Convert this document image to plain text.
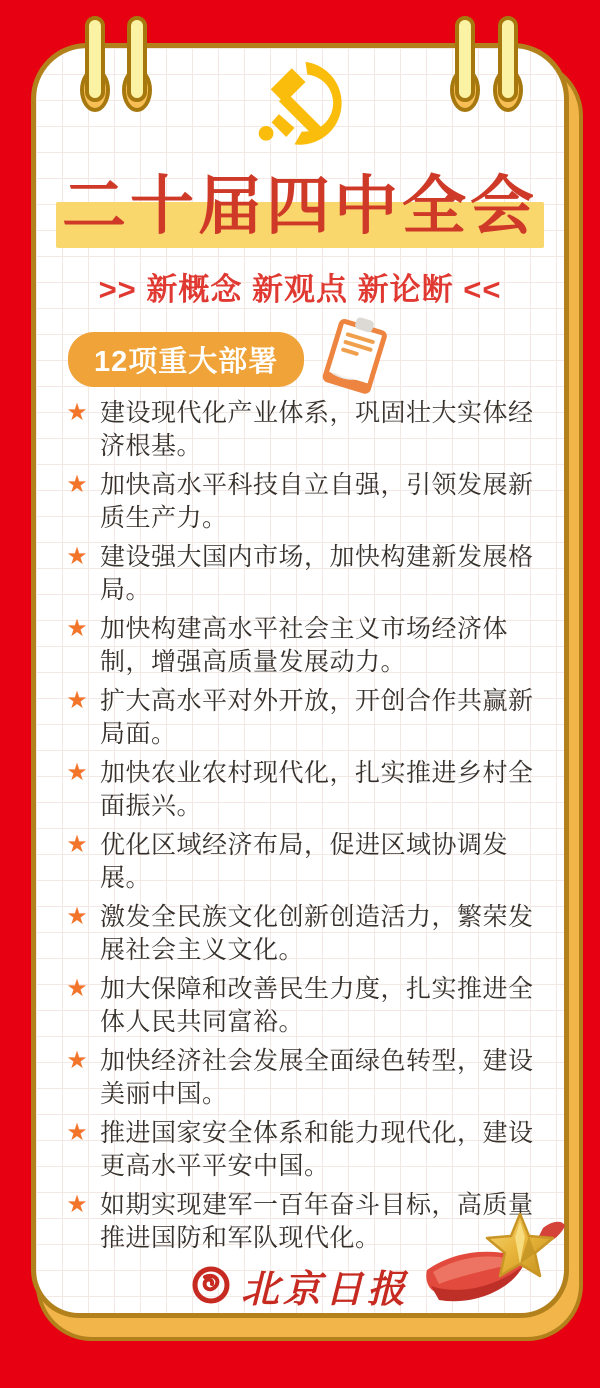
二十届四中全会
>> 新概念 新观点 新论断 <<
12项重大部署
★ 建设现代化产业体系，巩固壮大实体经济根基。
★ 加快高水平科技自立自强，引领发展新质生产力。
★ 建设强大国内市场，加快构建新发展格局。
★ 加快构建高水平社会主义市场经济体制，增强高质量发展动力。
★ 扩大高水平对外开放，开创合作共赢新局面。
★ 加快农业农村现代化，扎实推进乡村全面振兴。
★ 优化区域经济布局，促进区域协调发展。
★ 激发全民族文化创新创造活力，繁荣发展社会主义文化。
★ 加大保障和改善民生力度，扎实推进全体人民共同富裕。
★ 加快经济社会发展全面绿色转型，建设美丽中国。
★ 推进国家安全体系和能力现代化，建设更高水平平安中国。
★ 如期实现建军一百年奋斗目标，高质量推进国防和军队现代化。
北京日报
